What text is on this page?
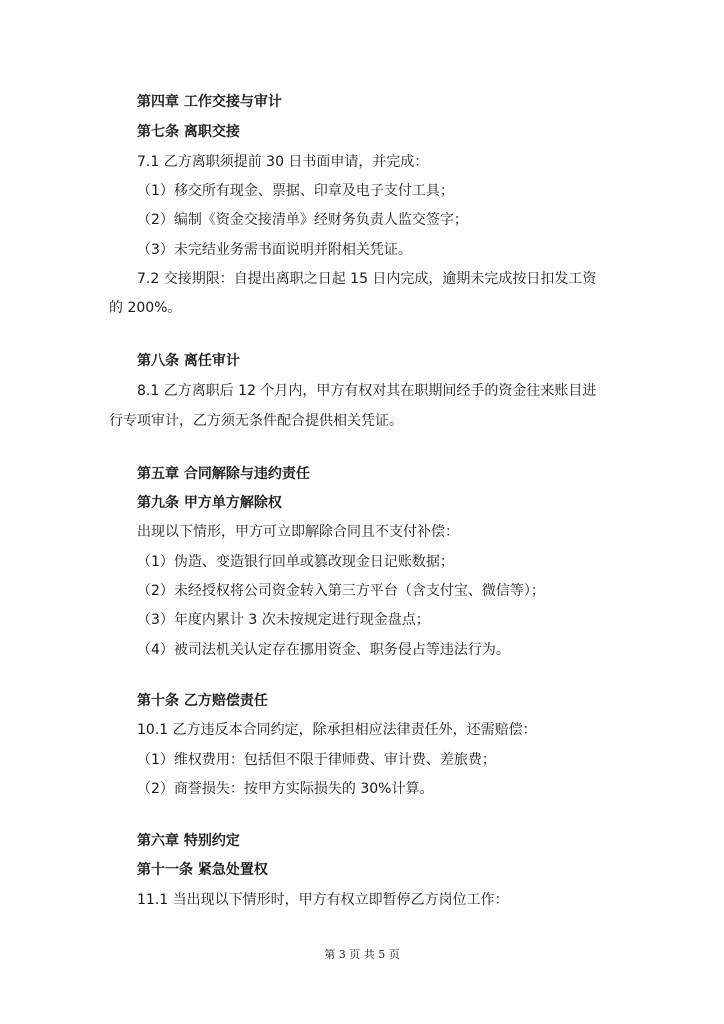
第四章 工作交接与审计
第七条 离职交接
7.1 乙方离职须提前 30 日书面申请，并完成：
（1）移交所有现金、票据、印章及电子支付工具；
（2）编制《资金交接清单》经财务负责人监交签字；
（3）未完结业务需书面说明并附相关凭证。
7.2 交接期限：自提出离职之日起 15 日内完成，逾期未完成按日扣发工资
的 200%。
第八条 离任审计
8.1 乙方离职后 12 个月内，甲方有权对其在职期间经手的资金往来账目进
行专项审计，乙方须无条件配合提供相关凭证。
第五章 合同解除与违约责任
第九条 甲方单方解除权
出现以下情形，甲方可立即解除合同且不支付补偿：
（1）伪造、变造银行回单或篡改现金日记账数据；
（2）未经授权将公司资金转入第三方平台（含支付宝、微信等）；
（3）年度内累计 3 次未按规定进行现金盘点；
（4）被司法机关认定存在挪用资金、职务侵占等违法行为。
第十条 乙方赔偿责任
10.1 乙方违反本合同约定，除承担相应法律责任外，还需赔偿：
（1）维权费用：包括但不限于律师费、审计费、差旅费；
（2）商誉损失：按甲方实际损失的 30%计算。
第六章 特别约定
第十一条 紧急处置权
11.1 当出现以下情形时，甲方有权立即暂停乙方岗位工作：
第 3 页 共 5 页
